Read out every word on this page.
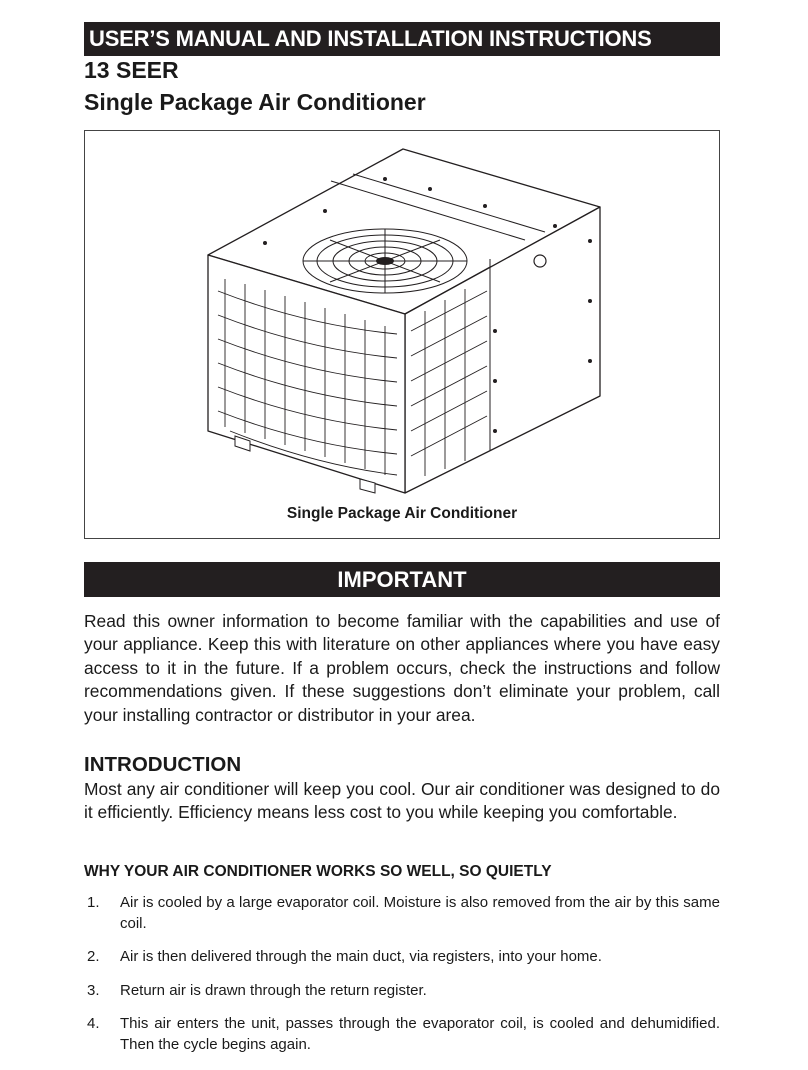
USER’S MANUAL AND INSTALLATION INSTRUCTIONS
13 SEER
Single Package Air Conditioner
Single Package Air Conditioner
IMPORTANT

Read this owner information to become familiar with the capabilities and use of your appliance. Keep this with literature on other appliances where you have easy access to it in the future. If a problem occurs, check the instructions and follow recommendations given. If these suggestions don’t eliminate your problem, call your installing contractor or distributor in your area.

INTRODUCTION

Most any air conditioner will keep you cool. Our air conditioner was designed to do it efficiently. Efficiency means less cost to you while keeping you comfortable.

WHY YOUR AIR CONDITIONER WORKS SO WELL, SO QUIETLY
1. Air is cooled by a large evaporator coil. Moisture is also removed from the air by this same coil.
2. Air is then delivered through the main duct, via registers, into your home.
3. Return air is drawn through the return register.
4. This air enters the unit, passes through the evaporator coil, is cooled and dehumidified. Then the cycle begins again.
